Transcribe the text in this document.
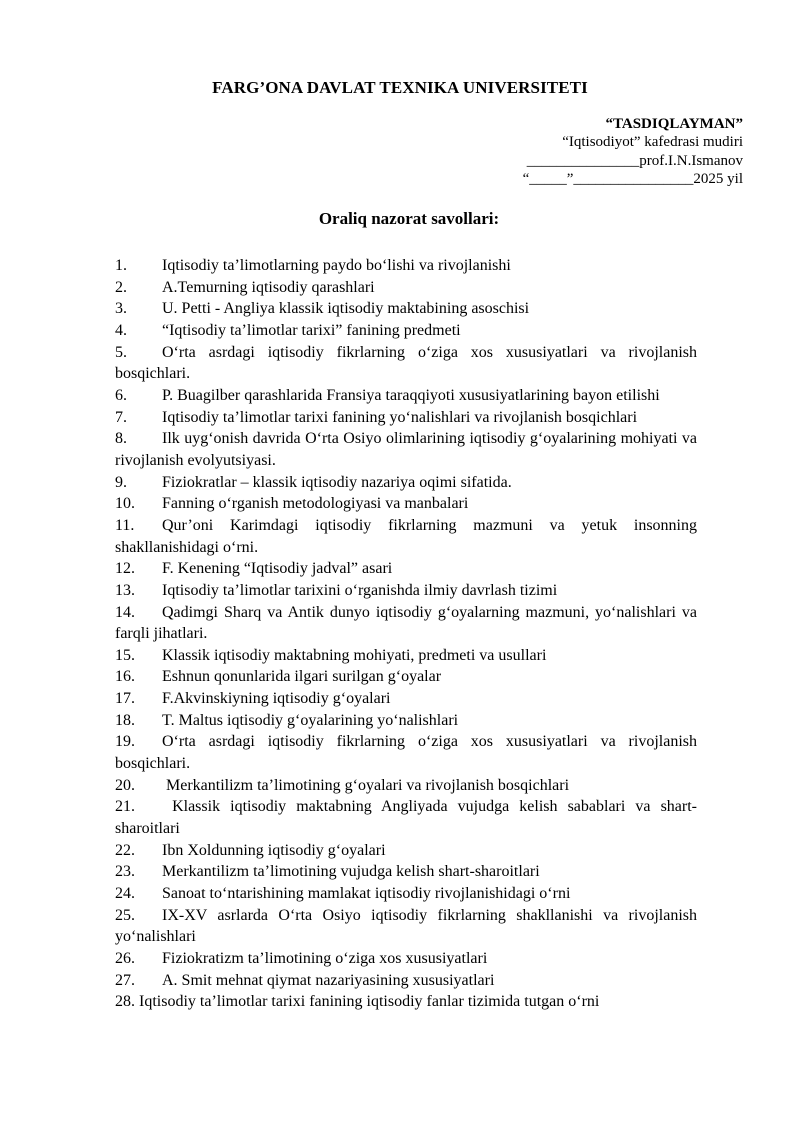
FARG’ONA DAVLAT TEXNIKA UNIVERSITETI
“TASDIQLAYMAN”
“Iqtisodiyot” kafedrasi mudiri
_______________prof.I.N.Ismanov
“_____”________________2025 yil
Oraliq nazorat savollari:
1. Iqtisodiy ta’limotlarning paydo boʻlishi va rivojlanishi
2. A.Temurning iqtisodiy qarashlari
3. U. Petti - Angliya klassik iqtisodiy maktabining asoschisi
4. “Iqtisodiy ta’limotlar tarixi” fanining predmeti
5. Oʻrta asrdagi iqtisodiy fikrlarning oʻziga xos xususiyatlari va rivojlanish bosqichlari.
6. P. Buagilber qarashlarida Fransiya taraqqiyoti xususiyatlarining bayon etilishi
7. Iqtisodiy ta’limotlar tarixi fanining yoʻnalishlari va rivojlanish bosqichlari
8. Ilk uygʻonish davrida Oʻrta Osiyo olimlarining iqtisodiy gʻoyalarining mohiyati va rivojlanish evolyutsiyasi.
9. Fiziokratlar – klassik iqtisodiy nazariya oqimi sifatida.
10. Fanning oʻrganish metodologiyasi va manbalari
11. Qur’oni Karimdagi iqtisodiy fikrlarning mazmuni va yetuk insonning shakllanishidagi oʻrni.
12. F. Kenening “Iqtisodiy jadval” asari
13. Iqtisodiy ta’limotlar tarixini oʻrganishda ilmiy davrlash tizimi
14. Qadimgi Sharq va Antik dunyo iqtisodiy gʻoyalarning mazmuni, yoʻnalishlari va farqli jihatlari.
15. Klassik iqtisodiy maktabning mohiyati, predmeti va usullari
16. Eshnun qonunlarida ilgari surilgan gʻoyalar
17. F.Akvinskiyning iqtisodiy gʻoyalari
18. T. Maltus iqtisodiy gʻoyalarining yoʻnalishlari
19. Oʻrta asrdagi iqtisodiy fikrlarning oʻziga xos xususiyatlari va rivojlanish bosqichlari.
20. Merkantilizm ta’limotining gʻoyalari va rivojlanish bosqichlari
21. Klassik iqtisodiy maktabning Angliyada vujudga kelish sabablari va shart-sharoitlari
22. Ibn Xoldunning iqtisodiy gʻoyalari
23. Merkantilizm ta’limotining vujudga kelish shart-sharoitlari
24. Sanoat toʻntarishining mamlakat iqtisodiy rivojlanishidagi oʻrni
25. IX-XV asrlarda Oʻrta Osiyo iqtisodiy fikrlarning shakllanishi va rivojlanish yoʻnalishlari
26. Fiziokratizm ta’limotining oʻziga xos xususiyatlari
27. A. Smit mehnat qiymat nazariyasining xususiyatlari
28. Iqtisodiy ta’limotlar tarixi fanining iqtisodiy fanlar tizimida tutgan oʻrni
